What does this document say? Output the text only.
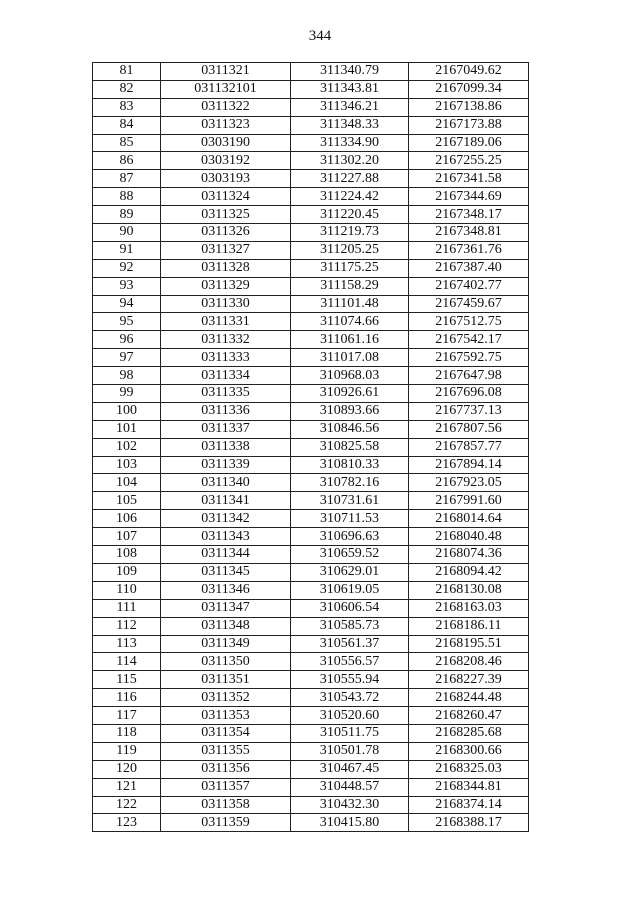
344
81	0311321	311340.79	2167049.62
82	031132101	311343.81	2167099.34
83	0311322	311346.21	2167138.86
84	0311323	311348.33	2167173.88
85	0303190	311334.90	2167189.06
86	0303192	311302.20	2167255.25
87	0303193	311227.88	2167341.58
88	0311324	311224.42	2167344.69
89	0311325	311220.45	2167348.17
90	0311326	311219.73	2167348.81
91	0311327	311205.25	2167361.76
92	0311328	311175.25	2167387.40
93	0311329	311158.29	2167402.77
94	0311330	311101.48	2167459.67
95	0311331	311074.66	2167512.75
96	0311332	311061.16	2167542.17
97	0311333	311017.08	2167592.75
98	0311334	310968.03	2167647.98
99	0311335	310926.61	2167696.08
100	0311336	310893.66	2167737.13
101	0311337	310846.56	2167807.56
102	0311338	310825.58	2167857.77
103	0311339	310810.33	2167894.14
104	0311340	310782.16	2167923.05
105	0311341	310731.61	2167991.60
106	0311342	310711.53	2168014.64
107	0311343	310696.63	2168040.48
108	0311344	310659.52	2168074.36
109	0311345	310629.01	2168094.42
110	0311346	310619.05	2168130.08
111	0311347	310606.54	2168163.03
112	0311348	310585.73	2168186.11
113	0311349	310561.37	2168195.51
114	0311350	310556.57	2168208.46
115	0311351	310555.94	2168227.39
116	0311352	310543.72	2168244.48
117	0311353	310520.60	2168260.47
118	0311354	310511.75	2168285.68
119	0311355	310501.78	2168300.66
120	0311356	310467.45	2168325.03
121	0311357	310448.57	2168344.81
122	0311358	310432.30	2168374.14
123	0311359	310415.80	2168388.17
